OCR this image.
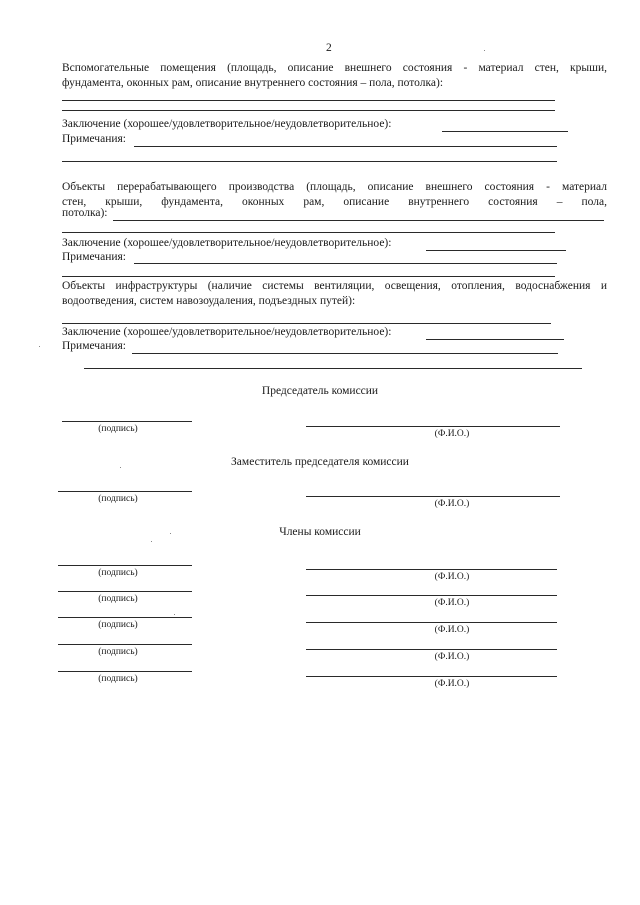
2
Вспомогательные помещения (площадь, описание внешнего состояния - материал стен, крыши,
фундамента, оконных рам, описание внутреннего состояния – пола, потолка):
Заключение (хорошее/удовлетворительное/неудовлетворительное):
Примечания:
Объекты перерабатывающего производства (площадь, описание внешнего состояния - материал
стен, крыши, фундамента, оконных рам, описание внутреннего состояния – пола,
потолка):
Заключение (хорошее/удовлетворительное/неудовлетворительное):
Примечания:
Объекты инфраструктуры (наличие системы вентиляции, освещения, отопления, водоснабжения и
водоотведения, систем навозоудаления, подъездных путей):
Заключение (хорошее/удовлетворительное/неудовлетворительное):
Примечания:
Председатель комиссии
(подпись)	(Ф.И.О.)
Заместитель председателя комиссии
(подпись)	(Ф.И.О.)
Члены комиссии
(подпись)	(Ф.И.О.)
(подпись)	(Ф.И.О.)
(подпись)	(Ф.И.О.)
(подпись)	(Ф.И.О.)
(подпись)	(Ф.И.О.)
